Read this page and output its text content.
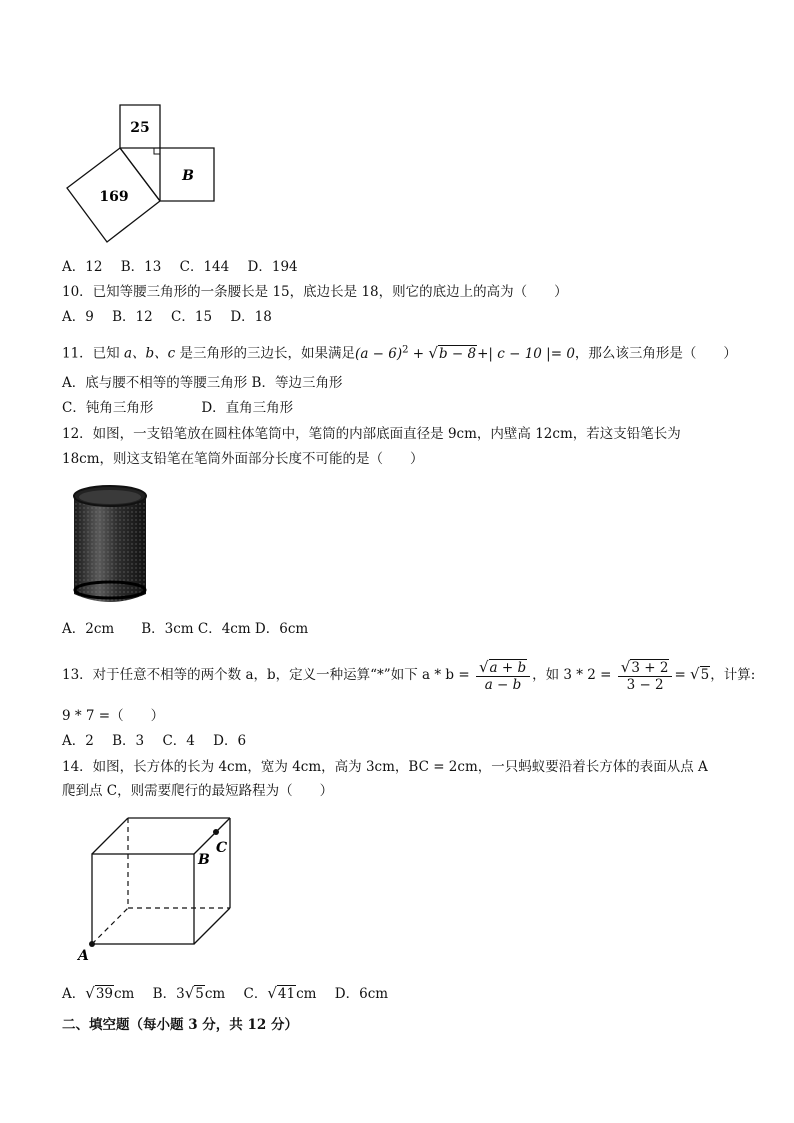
25
169
B
A．12 B．13 C．144 D．194
10．已知等腰三角形的一条腰长是 15，底边长是 18，则它的底边上的高为（　　）
A．9 B．12 C．15 D．18
11．已知 a、b、c 是三角形的三边长，如果满足$(a - 6)^2 + √b - 8+|$ c − 10 |= 0，那么该三角形是（　　）
A．底与腰不相等的等腰三角形 B．等边三角形
C．钝角三角形	D．直角三角形
12．如图，一支铅笔放在圆柱体笔筒中，笔筒的内部底面直径是 9cm，内壁高 12cm，若这支铅笔长为
18cm，则这支铅笔在笔筒外面部分长度不可能的是（　　）
A．2cm　　B．3cm C．4cm D．6cm
13．对于任意不相等的两个数 a，b，定义一种运算“*”如下 $a * b = \frac{√a + b}{a - b}$ ，如 $3 * 2 = \frac{√3 + 2}{3 - 2} = √5$，计算:
9 * 7 =（　　）
A．2 B．3 C．4 D．6
14．如图，长方体的长为 4cm，宽为 4cm，高为 3cm，BC = 2cm，一只蚂蚁要沿着长方体的表面从点 A
爬到点 C，则需要爬行的最短路程为（　　）
A
B
C
A．√39cm B．3√5cm C．√41cm D．6cm
二、填空题（每小题 3 分，共 12 分）
